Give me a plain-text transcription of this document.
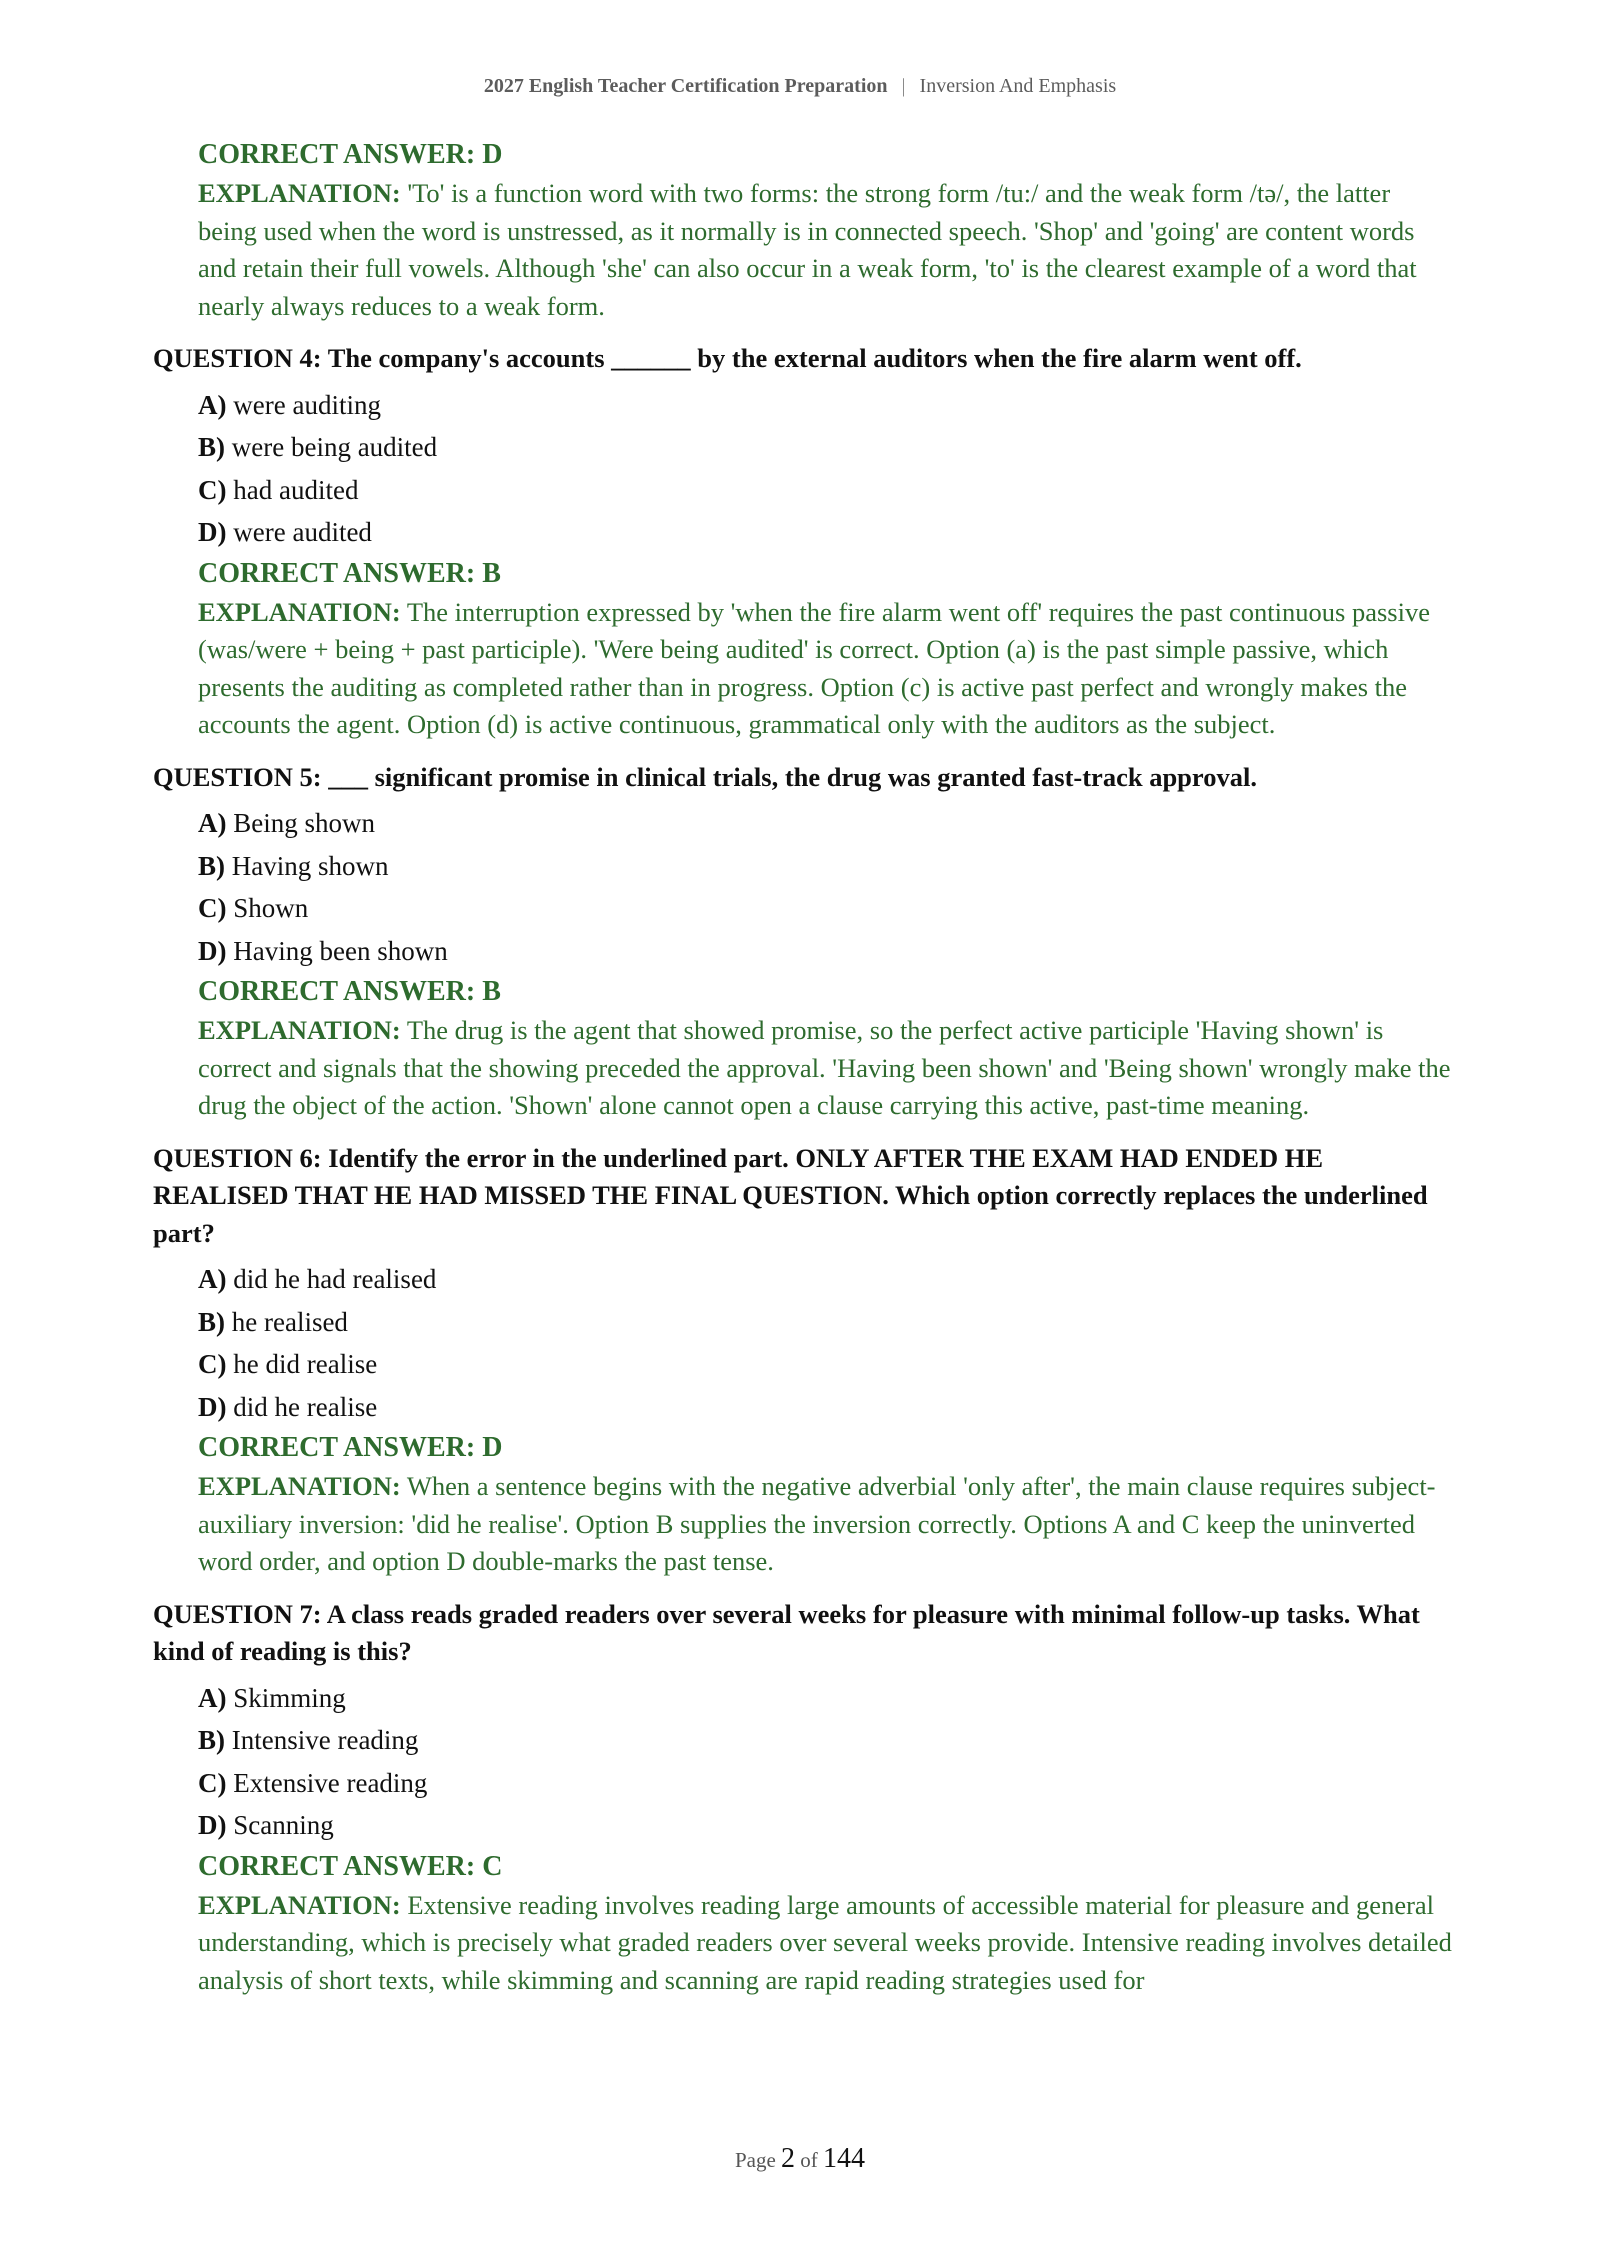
2027 English Teacher Certification Preparation | Inversion And Emphasis
CORRECT ANSWER: D
EXPLANATION: 'To' is a function word with two forms: the strong form /tu:/ and the weak form /tə/, the latter being used when the word is unstressed, as it normally is in connected speech. 'Shop' and 'going' are content words and retain their full vowels. Although 'she' can also occur in a weak form, 'to' is the clearest example of a word that nearly always reduces to a weak form.
QUESTION 4: The company's accounts ______ by the external auditors when the fire alarm went off.
A) were auditing
B) were being audited
C) had audited
D) were audited
CORRECT ANSWER: B
EXPLANATION: The interruption expressed by 'when the fire alarm went off' requires the past continuous passive (was/were + being + past participle). 'Were being audited' is correct. Option (a) is the past simple passive, which presents the auditing as completed rather than in progress. Option (c) is active past perfect and wrongly makes the accounts the agent. Option (d) is active continuous, grammatical only with the auditors as the subject.
QUESTION 5: ___ significant promise in clinical trials, the drug was granted fast-track approval.
A) Being shown
B) Having shown
C) Shown
D) Having been shown
CORRECT ANSWER: B
EXPLANATION: The drug is the agent that showed promise, so the perfect active participle 'Having shown' is correct and signals that the showing preceded the approval. 'Having been shown' and 'Being shown' wrongly make the drug the object of the action. 'Shown' alone cannot open a clause carrying this active, past-time meaning.
QUESTION 6: Identify the error in the underlined part. ONLY AFTER THE EXAM HAD ENDED HE REALISED THAT HE HAD MISSED THE FINAL QUESTION. Which option correctly replaces the underlined part?
A) did he had realised
B) he realised
C) he did realise
D) did he realise
CORRECT ANSWER: D
EXPLANATION: When a sentence begins with the negative adverbial 'only after', the main clause requires subject-auxiliary inversion: 'did he realise'. Option B supplies the inversion correctly. Options A and C keep the uninverted word order, and option D double-marks the past tense.
QUESTION 7: A class reads graded readers over several weeks for pleasure with minimal follow-up tasks. What kind of reading is this?
A) Skimming
B) Intensive reading
C) Extensive reading
D) Scanning
CORRECT ANSWER: C
EXPLANATION: Extensive reading involves reading large amounts of accessible material for pleasure and general understanding, which is precisely what graded readers over several weeks provide. Intensive reading involves detailed analysis of short texts, while skimming and scanning are rapid reading strategies used for
Page 2 of 144
